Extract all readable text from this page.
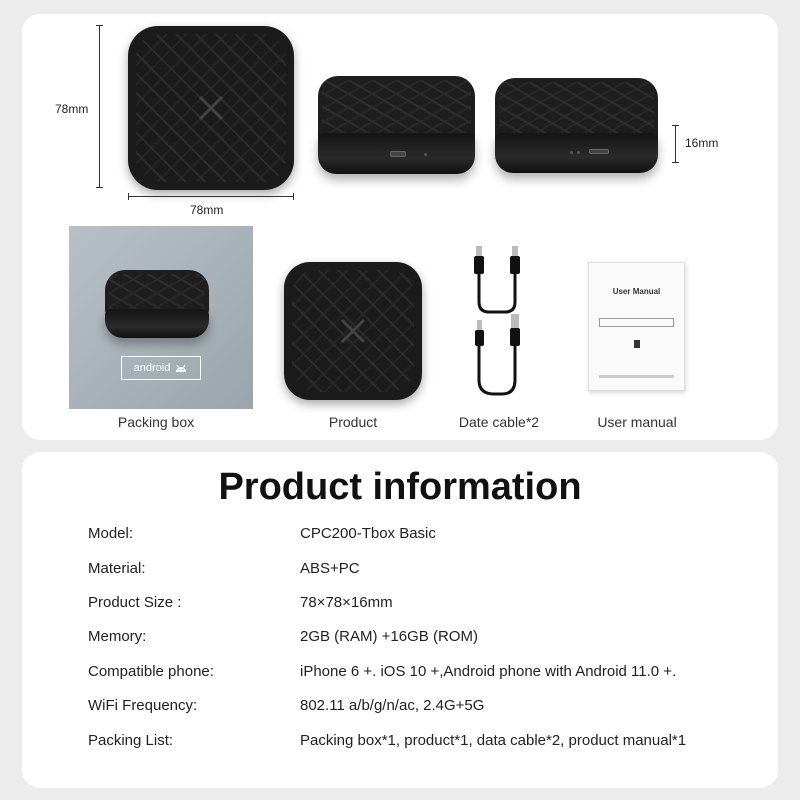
78mm
78mm
16mm
android
Packing box	Product	Date cable*2
User Manual
User manual
Product information
Model:	CPC200-Tbox Basic
Material:	ABS+PC
Product Size :	78×78×16mm
Memory:	2GB (RAM) +16GB (ROM)
Compatible phone:	iPhone 6 +. iOS 10 +,Android phone with Android 11.0 +.
WiFi Frequency:	802.11 a/b/g/n/ac, 2.4G+5G
Packing List:	Packing box*1, product*1, data cable*2, product manual*1
